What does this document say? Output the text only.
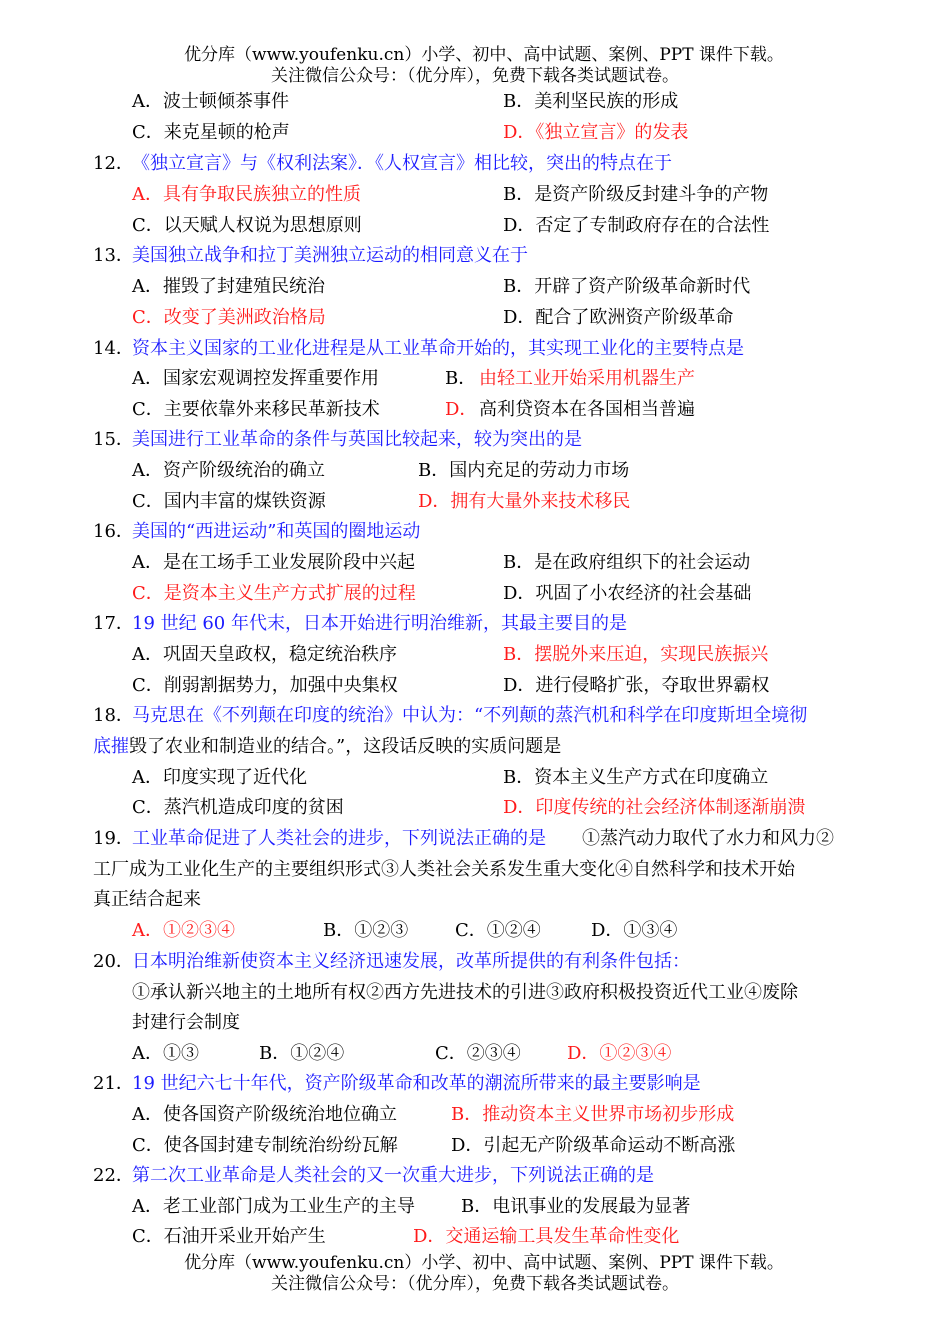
优分库（www.youfenku.cn）小学、初中、高中试题、案例、PPT 课件下载。
关注微信公众号：（优分库），免费下载各类试题试卷。
A．波士顿倾茶事件	B．美利坚民族的形成
C．来克星顿的枪声	D．《独立宣言》的发表
12．
《独立宣言》与《权利法案》．《人权宣言》相比较，突出的特点在于
A．具有争取民族独立的性质	B．是资产阶级反封建斗争的产物
C．以天赋人权说为思想原则	D．否定了专制政府存在的合法性
13．
美国独立战争和拉丁美洲独立运动的相同意义在于
A．摧毁了封建殖民统治	B．开辟了资产阶级革命新时代
C．改变了美洲政治格局	D．配合了欧洲资产阶级革命
14．
资本主义国家的工业化进程是从工业革命开始的，其实现工业化的主要特点是
A．国家宏观调控发挥重要作用	B． 由轻工业开始采用机器生产
C．主要依靠外来移民革新技术	D． 高利贷资本在各国相当普遍
15．
美国进行工业革命的条件与英国比较起来，较为突出的是
A．资产阶级统治的确立	B．国内充足的劳动力市场
C．国内丰富的煤铁资源	D．拥有大量外来技术移民
16．
美国的“西进运动”和英国的圈地运动
A．是在工场手工业发展阶段中兴起	B．是在政府组织下的社会运动
C．是资本主义生产方式扩展的过程	D．巩固了小农经济的社会基础
17．
19 世纪 60 年代末，日本开始进行明治维新，其最主要目的是
A．巩固天皇政权，稳定统治秩序	B．摆脱外来压迫，实现民族振兴
C．削弱割据势力，加强中央集权	D．进行侵略扩张，夺取世界霸权
18．
马克思在《不列颠在印度的统治》中认为：“不列颠的蒸汽机和科学在印度斯坦全境彻
底摧 毁了农业和制造业的结合。”，这段话反映的实质问题是
A．印度实现了近代化	B．资本主义生产方式在印度确立
C．蒸汽机造成印度的贫困	D．印度传统的社会经济体制逐渐崩溃
19．
工业革命促进了人类社会的进步，下列说法正确的是 ①蒸汽动力取代了水力和风力②
工厂成为工业化生产的主要组织形式③人类社会关系发生重大变化④自然科学和技术开始
真正结合起来
A．①②③④	B．①②③	C．①②④	D．①③④
20．
日本明治维新使资本主义经济迅速发展，改革所提供的有利条件包括：
①承认新兴地主的土地所有权②西方先进技术的引进③政府积极投资近代工业④废除
封建行会制度
A．①③	B．①②④	C．②③④	D．①②③④
21．
19 世纪六七十年代，资产阶级革命和改革的潮流所带来的最主要影响是
A．使各国资产阶级统治地位确立	B．推动资本主义世界市场初步形成
C．使各国封建专制统治纷纷瓦解	D．引起无产阶级革命运动不断高涨
22．
第二次工业革命是人类社会的又一次重大进步，下列说法正确的是
A．老工业部门成为工业生产的主导	B．电讯事业的发展最为显著
C．石油开采业开始产生	D．交通运输工具发生革命性变化
优分库（www.youfenku.cn）小学、初中、高中试题、案例、PPT 课件下载。
关注微信公众号：（优分库），免费下载各类试题试卷。
